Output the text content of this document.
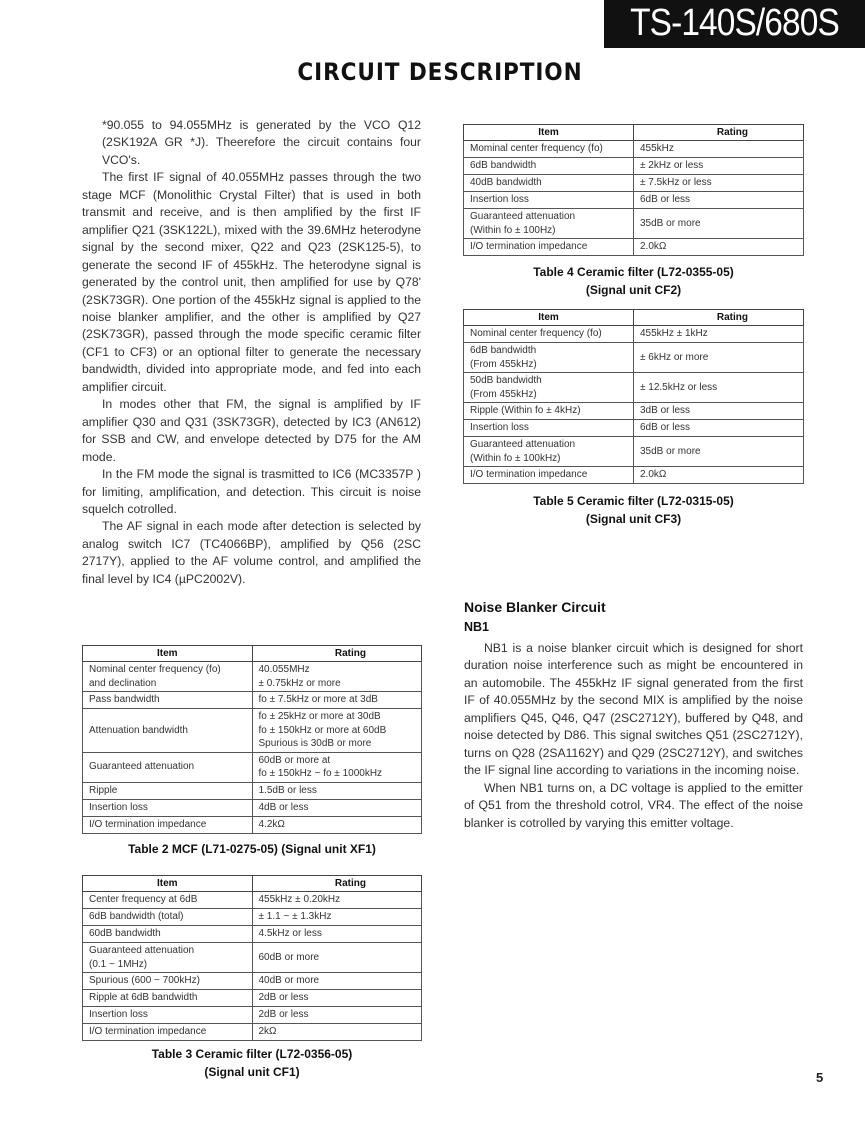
TS-140S/680S
CIRCUIT DESCRIPTION

*90.055 to 94.055MHz is generated by the VCO Q12 (2SK192A GR *J). Theerefore the circuit contains four VCO's.

The first IF signal of 40.055MHz passes through the two stage MCF (Monolithic Crystal Filter) that is used in both transmit and receive, and is then amplified by the first IF amplifier Q21 (3SK122L), mixed with the 39.6MHz heterodyne signal by the second mixer, Q22 and Q23 (2SK125-5), to generate the second IF of 455kHz. The heterodyne signal is generated by the control unit, then amplified for use by Q78' (2SK73GR). One portion of the 455kHz signal is applied to the noise blanker amplifier, and the other is amplified by Q27 (2SK73GR), passed through the mode specific ceramic filter (CF1 to CF3) or an optional filter to generate the necessary bandwidth, divided into appropriate mode, and fed into each amplifier circuit.

In modes other that FM, the signal is amplified by IF amplifier Q30 and Q31 (3SK73GR), detected by IC3 (AN612) for SSB and CW, and envelope detected by D75 for the AM mode.

In the FM mode the signal is trasmitted to IC6 (MC3357P ) for limiting, amplification, and detection. This circuit is noise squelch cotrolled.

The AF signal in each mode after detection is selected by analog switch IC7 (TC4066BP), amplified by Q56 (2SC 2717Y), applied to the AF volume control, and amplified the final level by IC4 (µPC2002V).

Item	Rating
Mominal center frequency (fo)	455kHz
6dB bandwidth	± 2kHz or less
40dB bandwidth	± 7.5kHz or less
Insertion loss	6dB or less
Guaranteed attenuation
(Within fo ± 100Hz)	35dB or more
I/O termination impedance	2.0kΩ
Table 4 Ceramic filter (L72-0355-05)
(Signal unit CF2)
Item	Rating
Nominal center frequency (fo)	455kHz ± 1kHz
6dB bandwidth
(From 455kHz)	± 6kHz or more
50dB bandwidth
(From 455kHz)	± 12.5kHz or less
Ripple (Within fo ± 4kHz)	3dB or less
Insertion loss	6dB or less
Guaranteed attenuation
(Within fo ± 100kHz)	35dB or more
I/O termination impedance	2.0kΩ
Table 5 Ceramic filter (L72-0315-05)
(Signal unit CF3)
Noise Blanker Circuit
NB1

NB1 is a noise blanker circuit which is designed for short duration noise interference such as might be encountered in an automobile. The 455kHz IF signal generated from the first IF of 40.055MHz by the second MIX is amplified by the noise amplifiers Q45, Q46, Q47 (2SC2712Y), buffered by Q48, and noise detected by D86. This signal switches Q51 (2SC2712Y), turns on Q28 (2SA1162Y) and Q29 (2SC2712Y), and switches the IF signal line according to variations in the incoming noise.

When NB1 turns on, a DC voltage is applied to the emitter of Q51 from the threshold cotrol, VR4. The effect of the noise blanker is cotrolled by varying this emitter voltage.

Item	Rating
Nominal center frequency (fo)
and declination	40.055MHz
± 0.75kHz or more
Pass bandwidth	fo ± 7.5kHz or more at 3dB
Attenuation bandwidth	fo ± 25kHz or more at 30dB
fo ± 150kHz or more at 60dB
Spurious is 30dB or more
Guaranteed attenuation	60dB or more at
fo ± 150kHz ~ fo ± 1000kHz
Ripple	1.5dB or less
Insertion loss	4dB or less
I/O termination impedance	4.2kΩ
Table 2 MCF (L71-0275-05) (Signal unit XF1)
Item	Rating
Center frequency at 6dB	455kHz ± 0.20kHz
6dB bandwidth (total)	± 1.1 ~ ± 1.3kHz
60dB bandwidth	4.5kHz or less
Guaranteed attenuation
(0.1 ~ 1MHz)	60dB or more
Spurious (600 ~ 700kHz)	40dB or more
Ripple at 6dB bandwidth	2dB or less
Insertion loss	2dB or less
I/O termination impedance	2kΩ
Table 3 Ceramic filter (L72-0356-05)
(Signal unit CF1)	5
